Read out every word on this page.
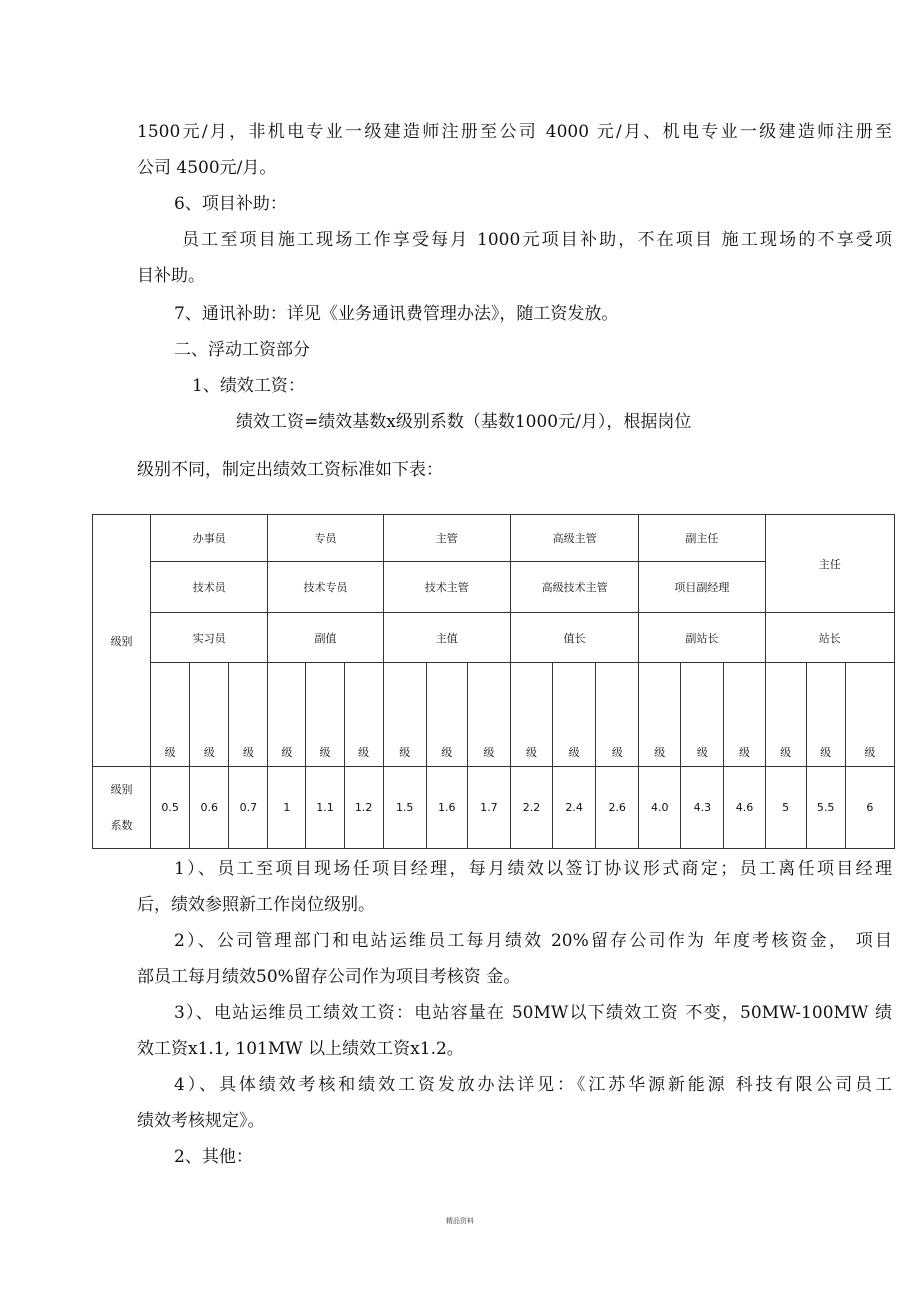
1500元/月，非机电专业一级建造师注册至公司 4000 元/月、机电专业一级建造师注册至
公司 4500元/月。
6、项目补助：
员工至项目施工现场工作享受每月 1000元项目补助，不在项目 施工现场的不享受项
目补助。
7、通讯补助：详见《业务通讯费管理办法》，随工资发放。
二、浮动工资部分
1、绩效工资：
绩效工资=绩效基数x级别系数（基数1000元/月），根据岗位
级别不同，制定出绩效工资标准如下表：
级别	办事员			专员			主管			高级主管			副主任			主任		
	技术员			技术专员			技术主管			高级技术主管			项目副经理					
	实习员			副值			主值			值长			副站长			站长		
	级	级	级	级	级	级	级	级	级	级	级	级	级	级	级	级	级	级
级别
系数	0.5	0.6	0.7	1	1.1	1.2	1.5	1.6	1.7	2.2	2.4	2.6	4.0	4.3	4.6	5	5.5	6
1）、员工至项目现场任项目经理，每月绩效以签订协议形式商定；员工离任项目经理
后，绩效参照新工作岗位级别。
2）、公司管理部门和电站运维员工每月绩效 20%留存公司作为 年度考核资金， 项目
部员工每月绩效50%留存公司作为项目考核资 金。
3）、电站运维员工绩效工资：电站容量在 50MW以下绩效工资 不变，50MW-100MW 绩
效工资x1.1, 101MW 以上绩效工资x1.2。
4）、具体绩效考核和绩效工资发放办法详见：《江苏华源新能源 科技有限公司员工
绩效考核规定》。
2、其他：
精品资料
